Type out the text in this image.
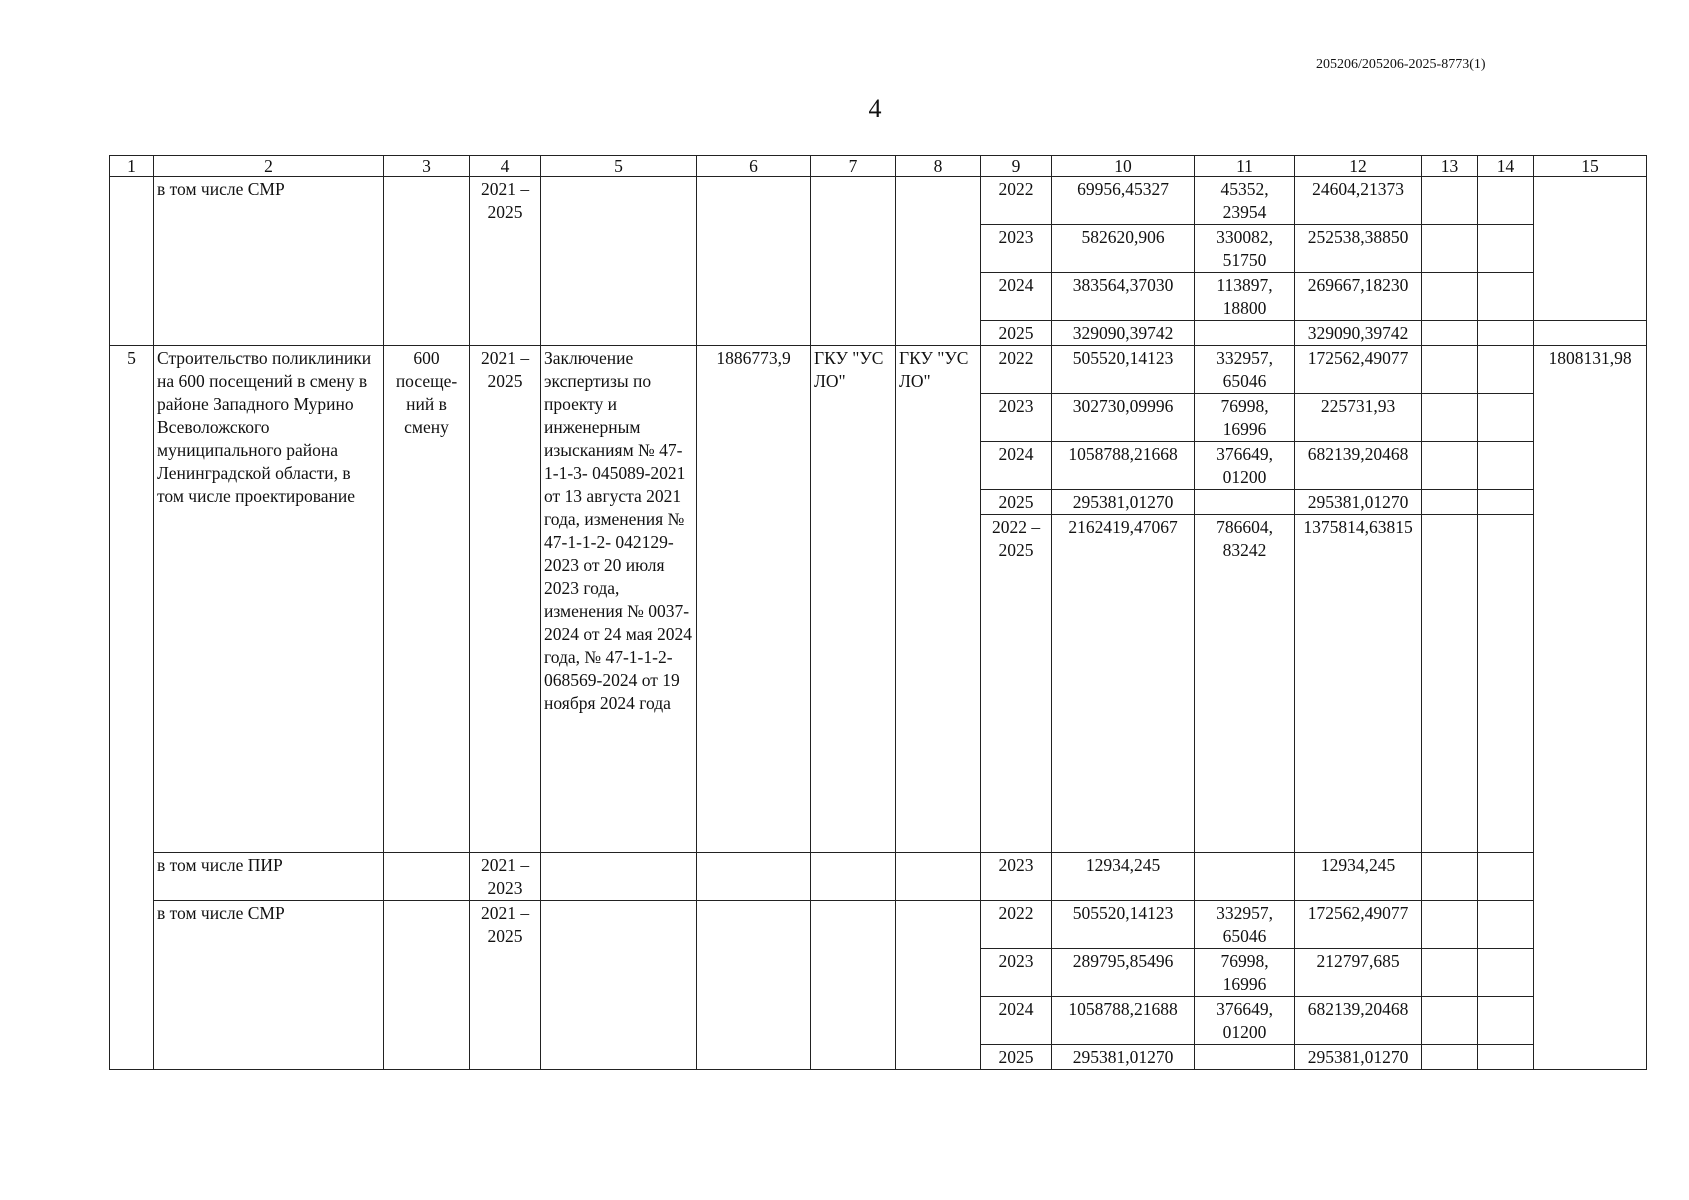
205206/205206-2025-8773(1)
4
1	2	3	4	5	6	7	8	9	10	11	12	13	14	15
	в том числе СМР		2021 – 2025					2022	69956,45327	45352, 23954	24604,21373			
								2023	582620,906	330082, 51750	252538,38850			
								2024	383564,37030	113897, 18800	269667,18230			
								2025	329090,39742		329090,39742			
5	Строительство поликлиники на 600 посещений в смену в районе Западного Мурино Всеволожского муниципального района Ленинградской области, в том числе проектирование	600 посеще- ний в смену	2021 – 2025	Заключение экспертизы по проекту и инженерным изысканиям № 47-1-1-3- 045089-2021 от 13 августа 2021 года, изменения № 47-1-1-2- 042129-2023 от 20 июля 2023 года, изменения № 0037-2024 от 24 мая 2024 года, № 47-1-1-2- 068569-2024 от 19 ноября 2024 года	1886773,9	ГКУ "УС ЛО"	ГКУ "УС ЛО"	2022	505520,14123	332957, 65046	172562,49077			1808131,98
								2023	302730,09996	76998, 16996	225731,93			
								2024	1058788,21668	376649, 01200	682139,20468			
								2025	295381,01270		295381,01270			
								2022 – 2025	2162419,47067	786604, 83242	1375814,63815			
	в том числе ПИР		2021 – 2023					2023	12934,245		12934,245			
	в том числе СМР		2021 – 2025					2022	505520,14123	332957, 65046	172562,49077			
								2023	289795,85496	76998, 16996	212797,685			
								2024	1058788,21688	376649, 01200	682139,20468			
								2025	295381,01270		295381,01270			
